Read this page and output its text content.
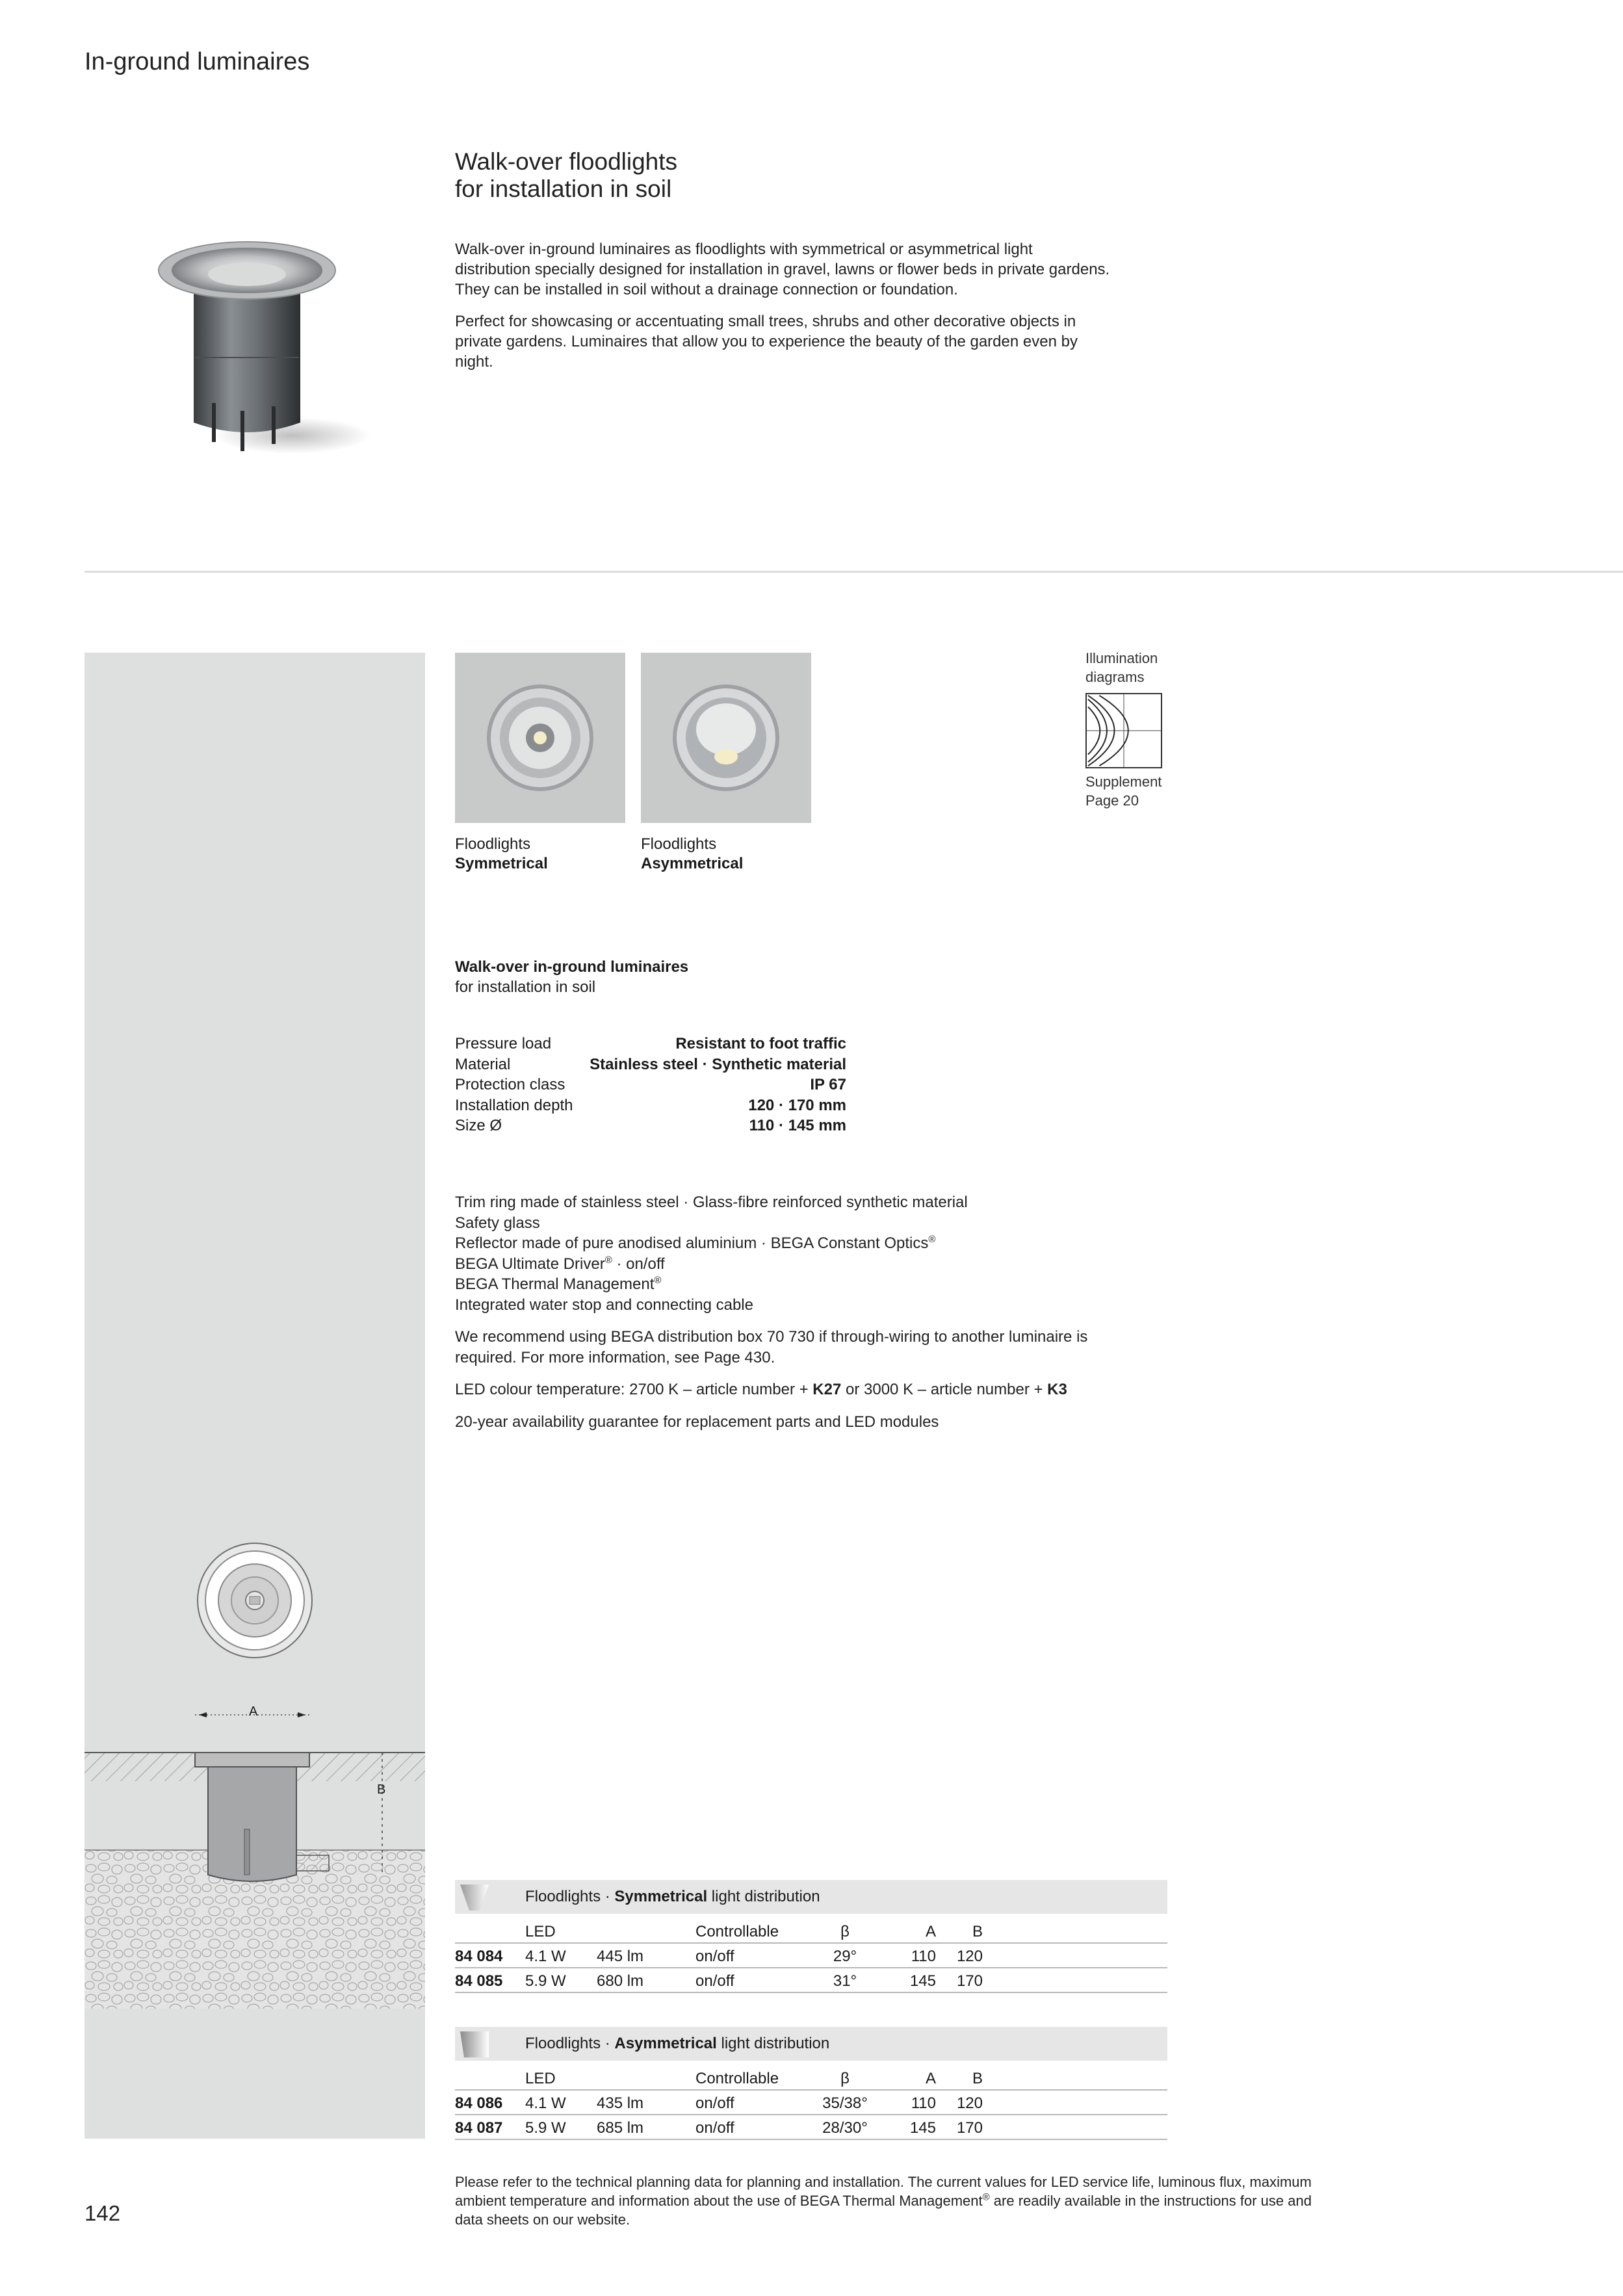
In-ground luminaires
Walk-over floodlights
for installation in soil

Walk-over in-ground luminaires as floodlights with symmetrical or asymmetrical light distribution specially designed for installation in gravel, lawns or flower beds in private gardens. They can be installed in soil without a drainage connection or foundation.

Perfect for showcasing or accentuating small trees, shrubs and other decorative objects in private gardens. Luminaires that allow you to experience the beauty of the garden even by night.

A
B
Floodlights
Symmetrical
Floodlights
Asymmetrical
Illumination
diagrams
Supplement
Page 20
Walk-over in-ground luminaires
for installation in soil
Pressure load	Resistant to foot traffic
Material	Stainless steel · Synthetic material
Protection class	IP 67
Installation depth	120 · 170 mm
Size Ø	110 · 145 mm
Trim ring made of stainless steel · Glass-fibre reinforced synthetic material
Safety glass
Reflector made of pure anodised aluminium · BEGA Constant Optics®
BEGA Ultimate Driver® · on/off
BEGA Thermal Management®
Integrated water stop and connecting cable

We recommend using BEGA distribution box 70 730 if through-wiring to another luminaire is required. For more information, see Page 430.

LED colour temperature: 2700 K – article number + K27 or 3000 K – article number + K3

20-year availability guarantee for replacement parts and LED modules

Floodlights · Symmetrical light distribution
LED	Controllable	β	A B
84 084 4.1 W 445 lm	on/off	29°	110 120
84 085 5.9 W 680 lm	on/off	31°	145 170
Floodlights · Asymmetrical light distribution
LED	Controllable	β	A B
84 086 4.1 W 435 lm	on/off	35/38°	110 120
84 087 5.9 W 685 lm	on/off	28/30°	145 170
Please refer to the technical planning data for planning and installation. The current values for LED service life, luminous flux, maximum ambient temperature and information about the use of BEGA Thermal Management® are readily available in the instructions for use and data sheets on our website.
142
